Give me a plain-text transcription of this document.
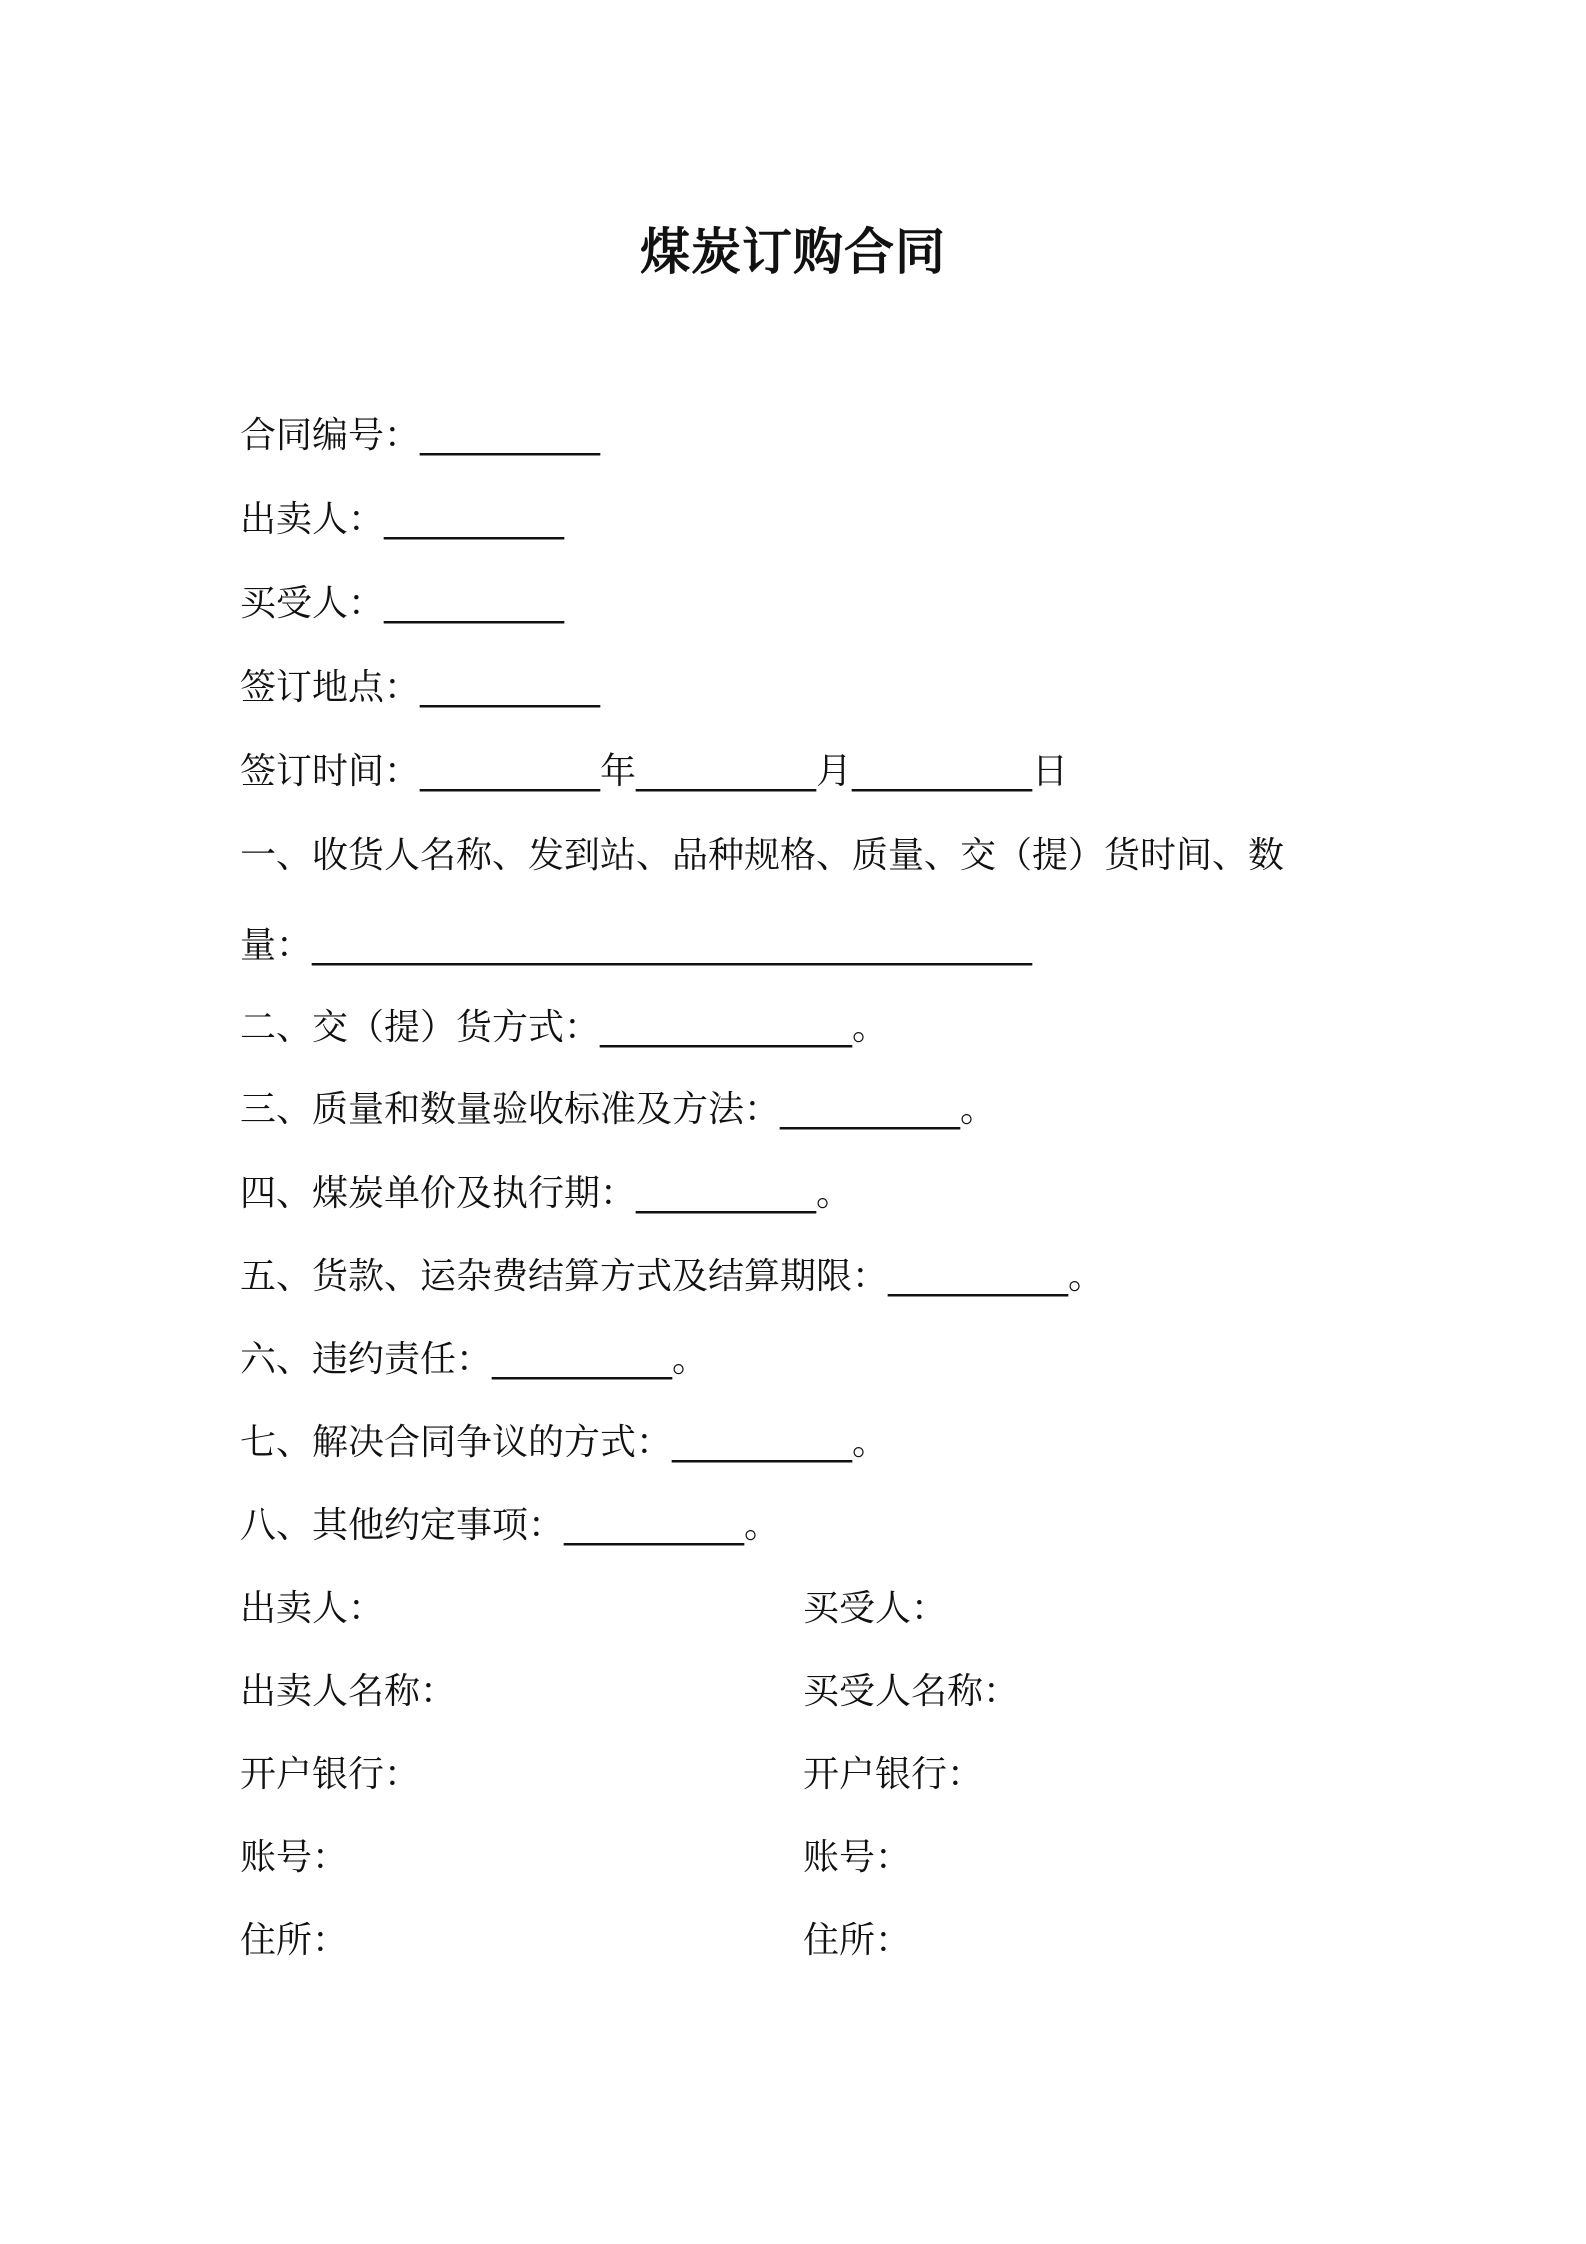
煤炭订购合同
合同编号：__________
出卖人：__________
买受人：__________
签订地点：__________
签订时间：__________年__________月__________日
一、收货人名称、发到站、品种规格、质量、交（提）货时间、数
量：________________________________________
二、交（提）货方式：______________。
三、质量和数量验收标准及方法：__________。
四、煤炭单价及执行期：__________。
五、货款、运杂费结算方式及结算期限：__________。
六、违约责任：__________。
七、解决合同争议的方式：__________。
八、其他约定事项：__________。
出卖人：	买受人：
出卖人名称：	买受人名称：
开户银行：	开户银行：
账号：	账号：
住所：	住所：
